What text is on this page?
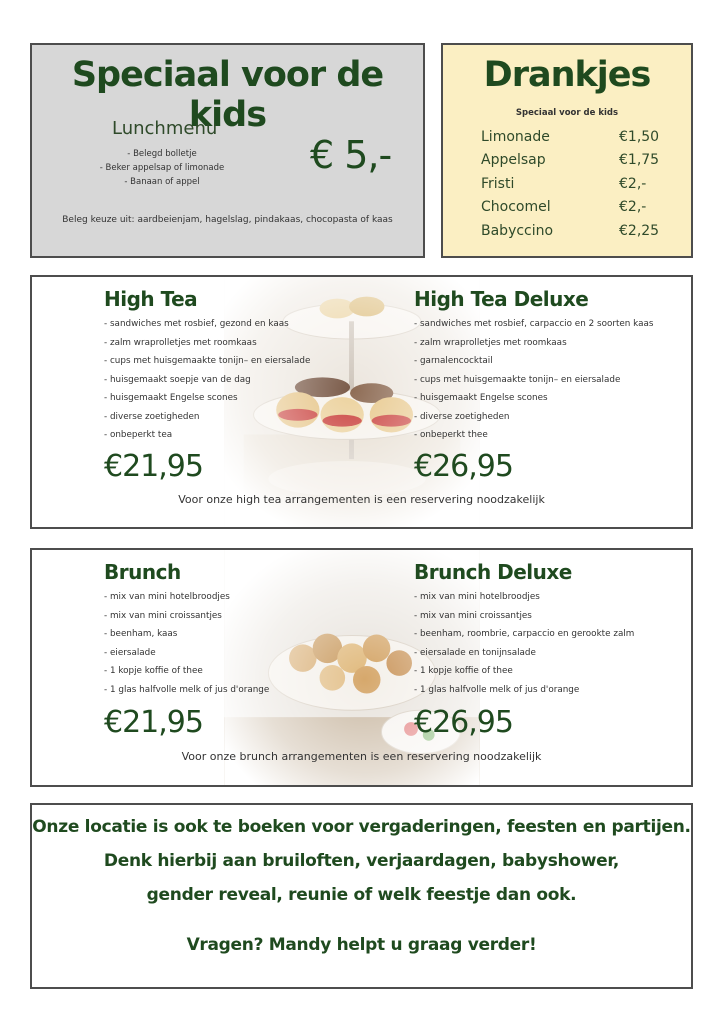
Speciaal voor de kids
Lunchmenu
- Belegd bolletje
- Beker appelsap of limonade
- Banaan of appel
€ 5,-
Beleg keuze uit: aardbeienjam, hagelslag, pindakaas, chocopasta of kaas
Drankjes
Speciaal voor de kids
Limonade	€1,50
Appelsap	€1,75
Fristi	€2,-
Chocomel	€2,-
Babyccino	€2,25
High Tea
- sandwiches met rosbief, gezond en kaas
- zalm wraprolletjes met roomkaas
- cups met huisgemaakte tonijn– en eiersalade
- huisgemaakt soepje van de dag
- huisgemaakt Engelse scones
- diverse zoetigheden
- onbeperkt tea
High Tea Deluxe
- sandwiches met rosbief, carpaccio en 2 soorten kaas
- zalm wraprolletjes met roomkaas
- garnalencocktail
- cups met huisgemaakte tonijn– en eiersalade
- huisgemaakt Engelse scones
- diverse zoetigheden
- onbeperkt thee
€21,95	€26,95
Voor onze high tea arrangementen is een reservering noodzakelijk
Brunch
- mix van mini hotelbroodjes
- mix van mini croissantjes
- beenham, kaas
- eiersalade
- 1 kopje koffie of thee
- 1 glas halfvolle melk of jus d'orange
Brunch Deluxe
- mix van mini hotelbroodjes
- mix van mini croissantjes
- beenham, roombrie, carpaccio en gerookte zalm
- eiersalade en tonijnsalade
- 1 kopje koffie of thee
- 1 glas halfvolle melk of jus d'orange
€21,95	€26,95
Voor onze brunch arrangementen is een reservering noodzakelijk
Onze locatie is ook te boeken voor vergaderingen, feesten en partijen.
Denk hierbij aan bruiloften, verjaardagen, babyshower,
gender reveal, reunie of welk feestje dan ook.
Vragen? Mandy helpt u graag verder!
